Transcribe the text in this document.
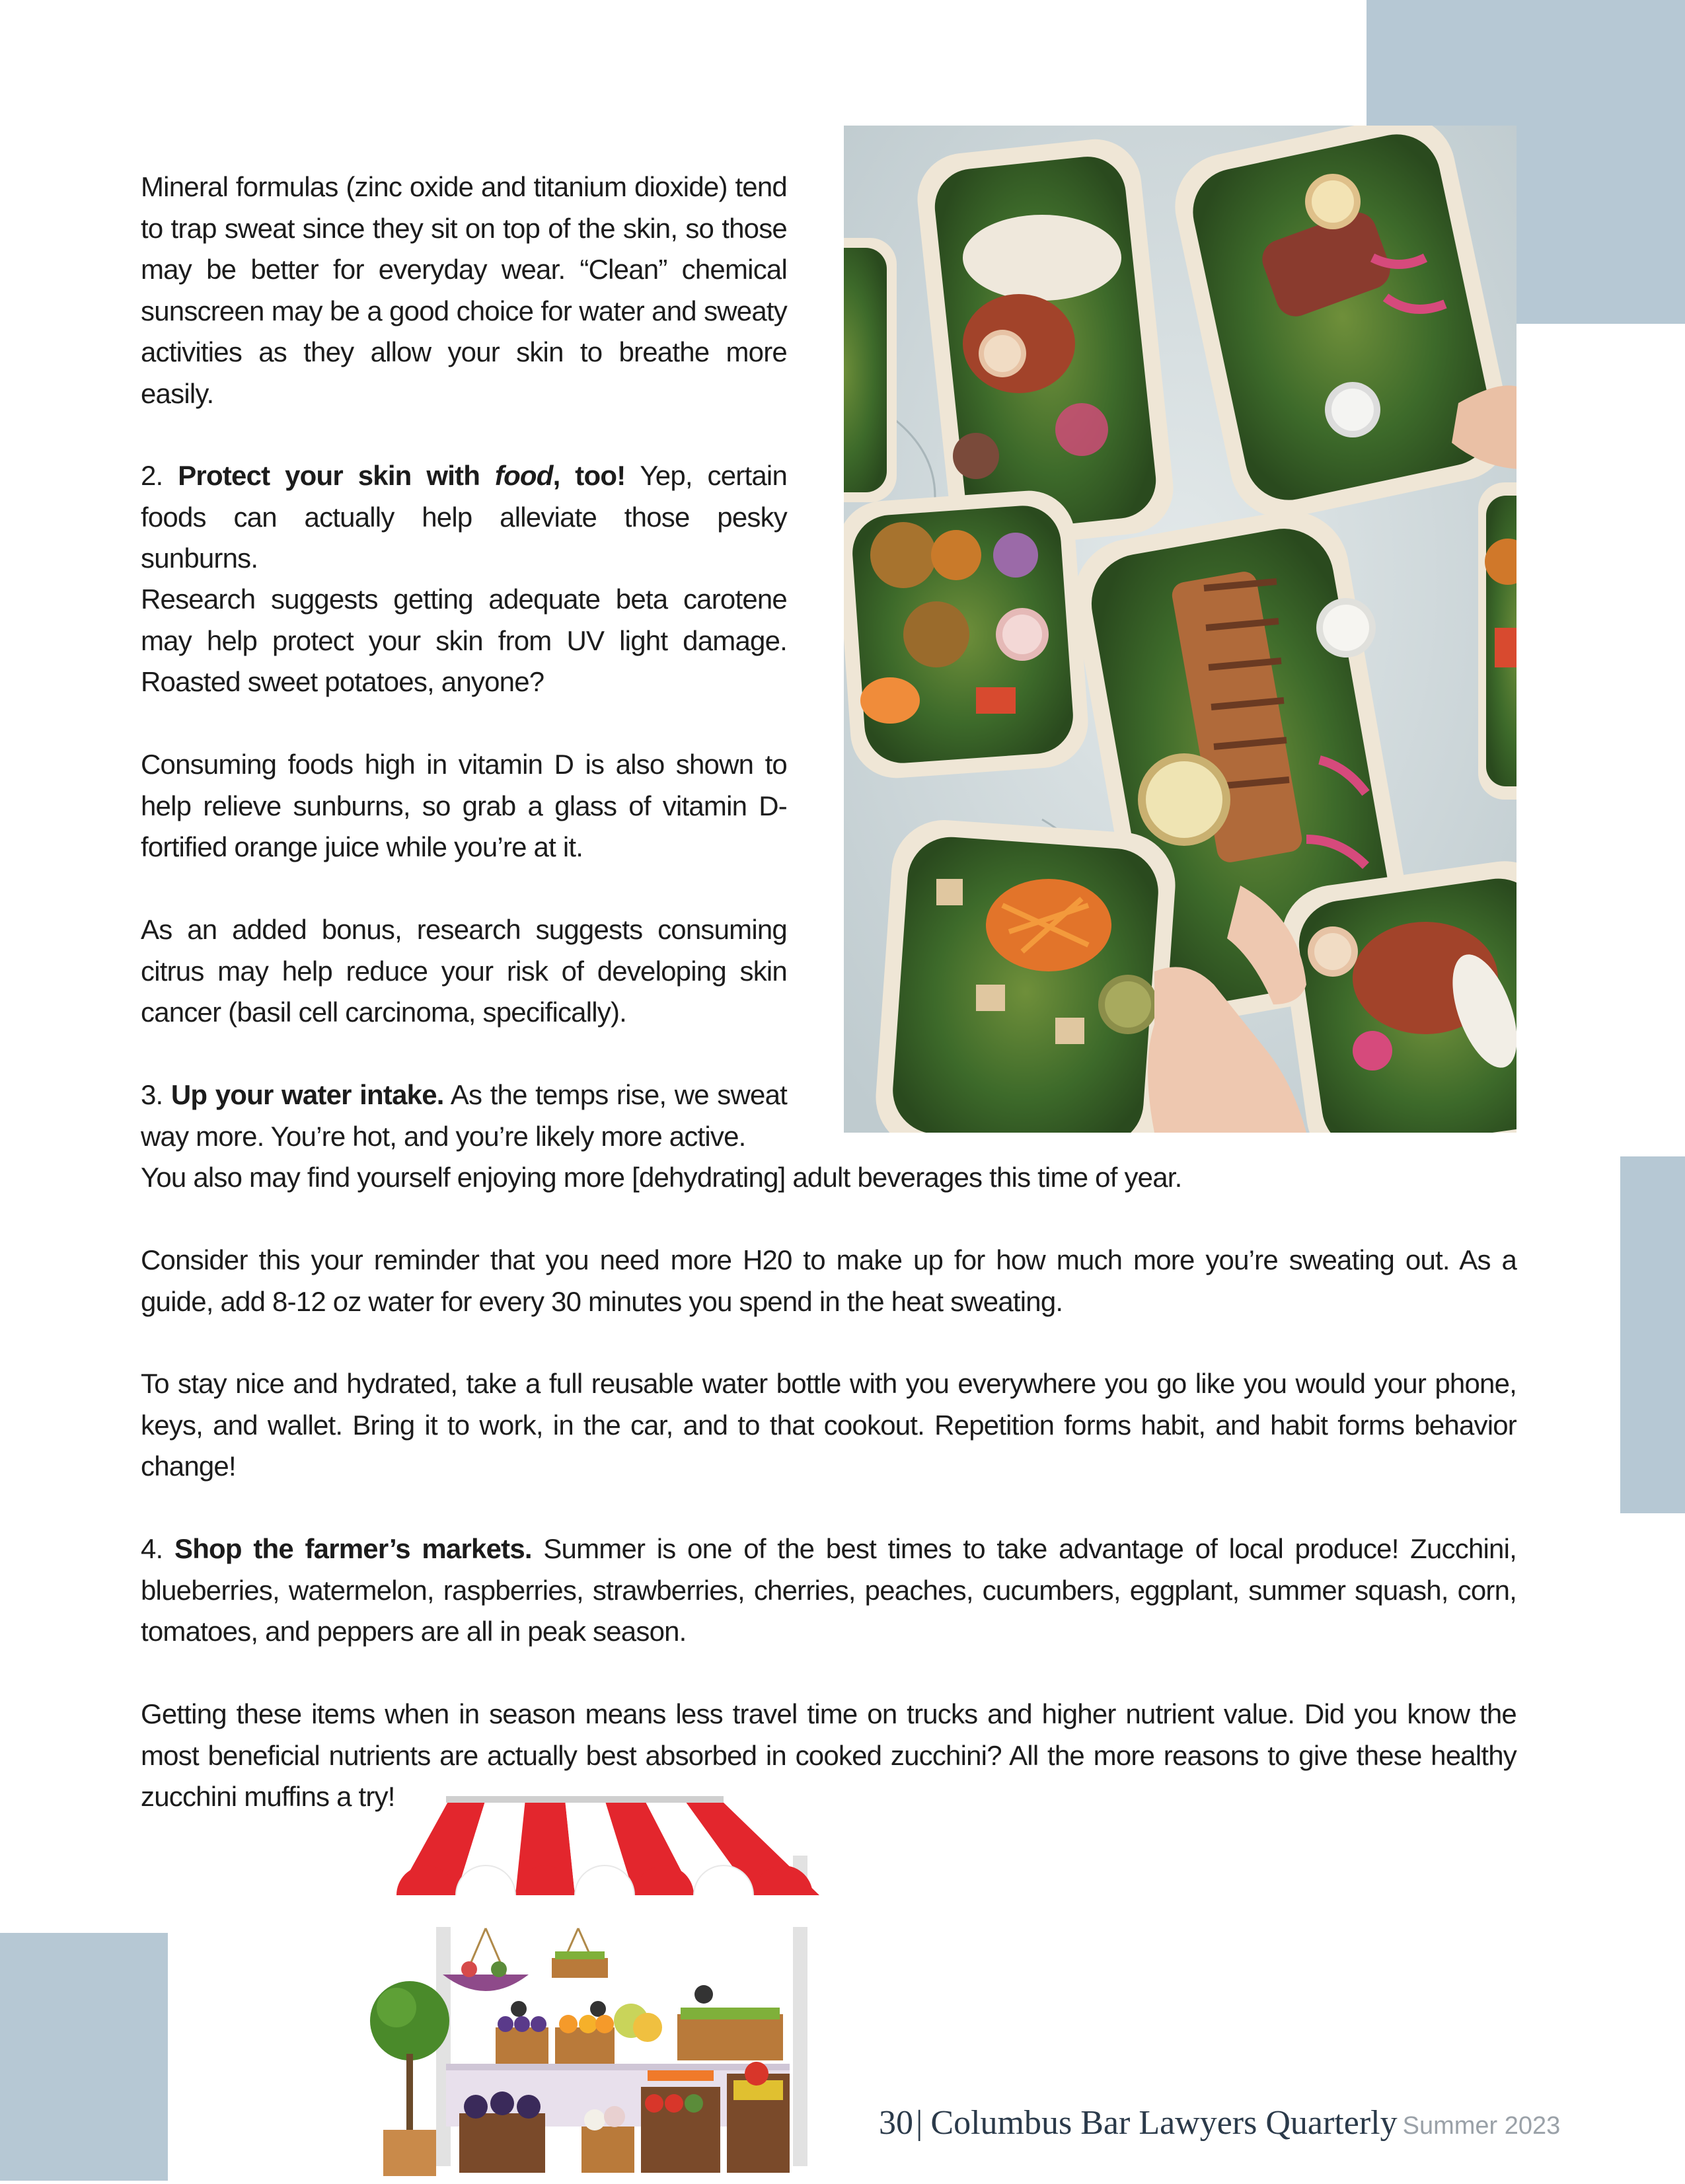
Mineral formulas (zinc oxide and titanium dioxide) tend to trap sweat since they sit on top of the skin, so those may be better for everyday wear. “Clean” chemical sunscreen may be a good choice for water and sweaty activities as they allow your skin to breathe more easily.

2. Protect your skin with food, too! Yep, certain foods can actually help alleviate those pesky sunburns.

Research suggests getting adequate beta carotene may help protect your skin from UV light damage. Roasted sweet potatoes, anyone?

Consuming foods high in vitamin D is also shown to help relieve sunburns, so grab a glass of vitamin D-fortified orange juice while you’re at it.

As an added bonus, research suggests consuming citrus may help reduce your risk of developing skin cancer (basil cell carcinoma, specifically).

3. Up your water intake. As the temps rise, we sweat way more. You’re hot, and you’re likely more active.

You also may find yourself enjoying more [dehydrating] adult beverages this time of year.

Consider this your reminder that you need more H20 to make up for how much more you’re sweating out. As a guide, add 8-12 oz water for every 30 minutes you spend in the heat sweating.

To stay nice and hydrated, take a full reusable water bottle with you everywhere you go like you would your phone, keys, and wallet. Bring it to work, in the car, and to that cookout. Repetition forms habit, and habit forms behavior change!

4. Shop the farmer’s markets. Summer is one of the best times to take advantage of local produce! Zucchini, blueberries, watermelon, raspberries, strawberries, cherries, peaches, cucumbers, eggplant, summer squash, corn, tomatoes, and peppers are all in peak season.

Getting these items when in season means less travel time on trucks and higher nutrient value. Did you know the most beneficial nutrients are actually best absorbed in cooked zucchini? All the more reasons to give these healthy zucchini muffins a try!

30| Columbus Bar Lawyers Quarterly Summer 2023
